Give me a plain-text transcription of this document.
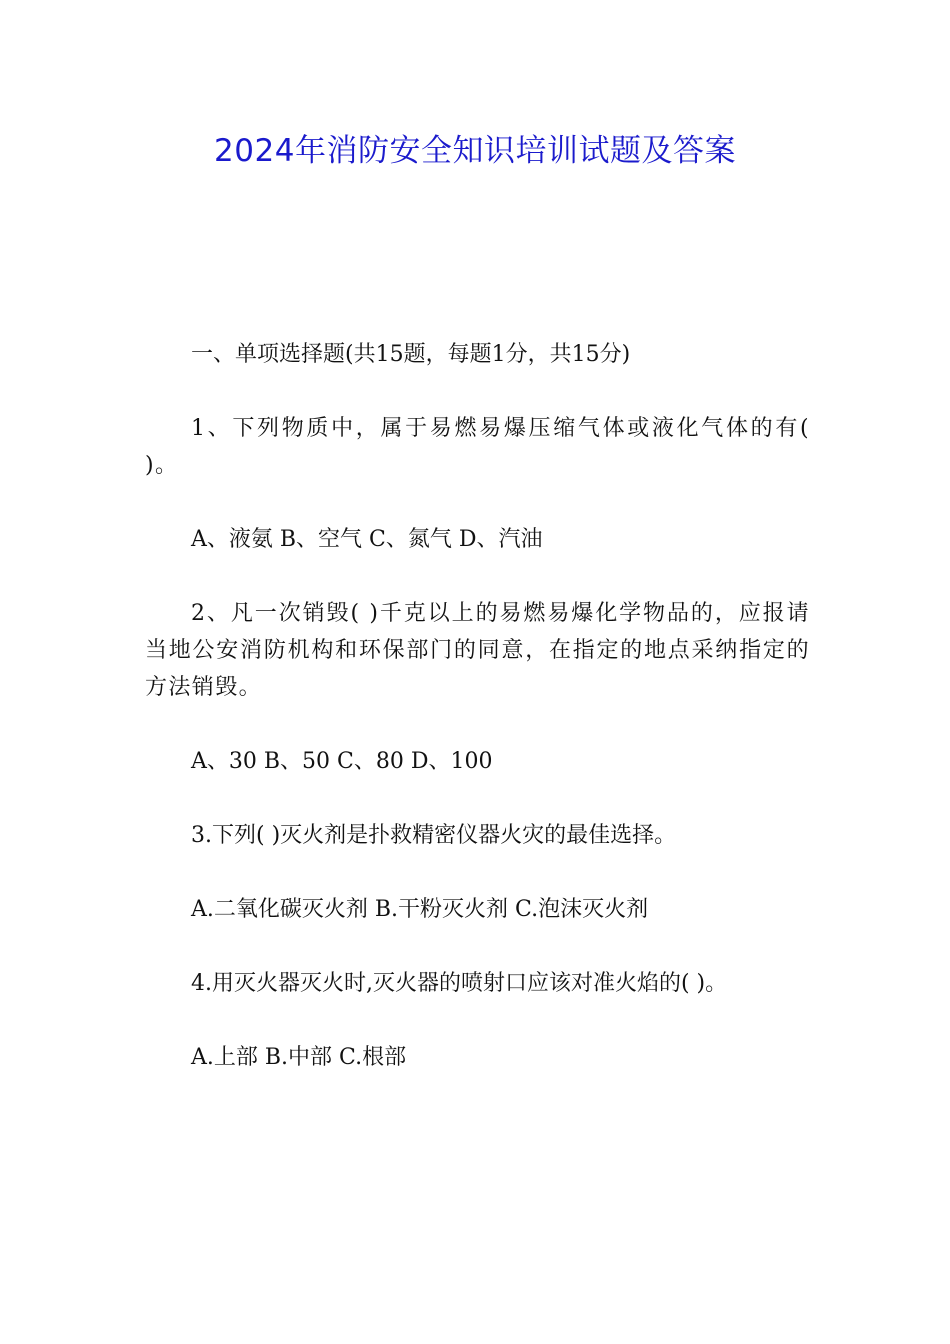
2024年消防安全知识培训试题及答案

一、单项选择题(共15题，每题1分，共15分)

1、下列物质中，属于易燃易爆压缩气体或液化气体的有( )。

A、液氨 B、空气 C、氮气 D、汽油

2、凡一次销毁( )千克以上的易燃易爆化学物品的，应报请当地公安消防机构和环保部门的同意，在指定的地点采纳指定的方法销毁。

A、30 B、50 C、80 D、100

3.下列( )灭火剂是扑救精密仪器火灾的最佳选择。

A.二氧化碳灭火剂 B.干粉灭火剂 C.泡沫灭火剂

4.用灭火器灭火时,灭火器的喷射口应该对准火焰的( )。

A.上部 B.中部 C.根部
